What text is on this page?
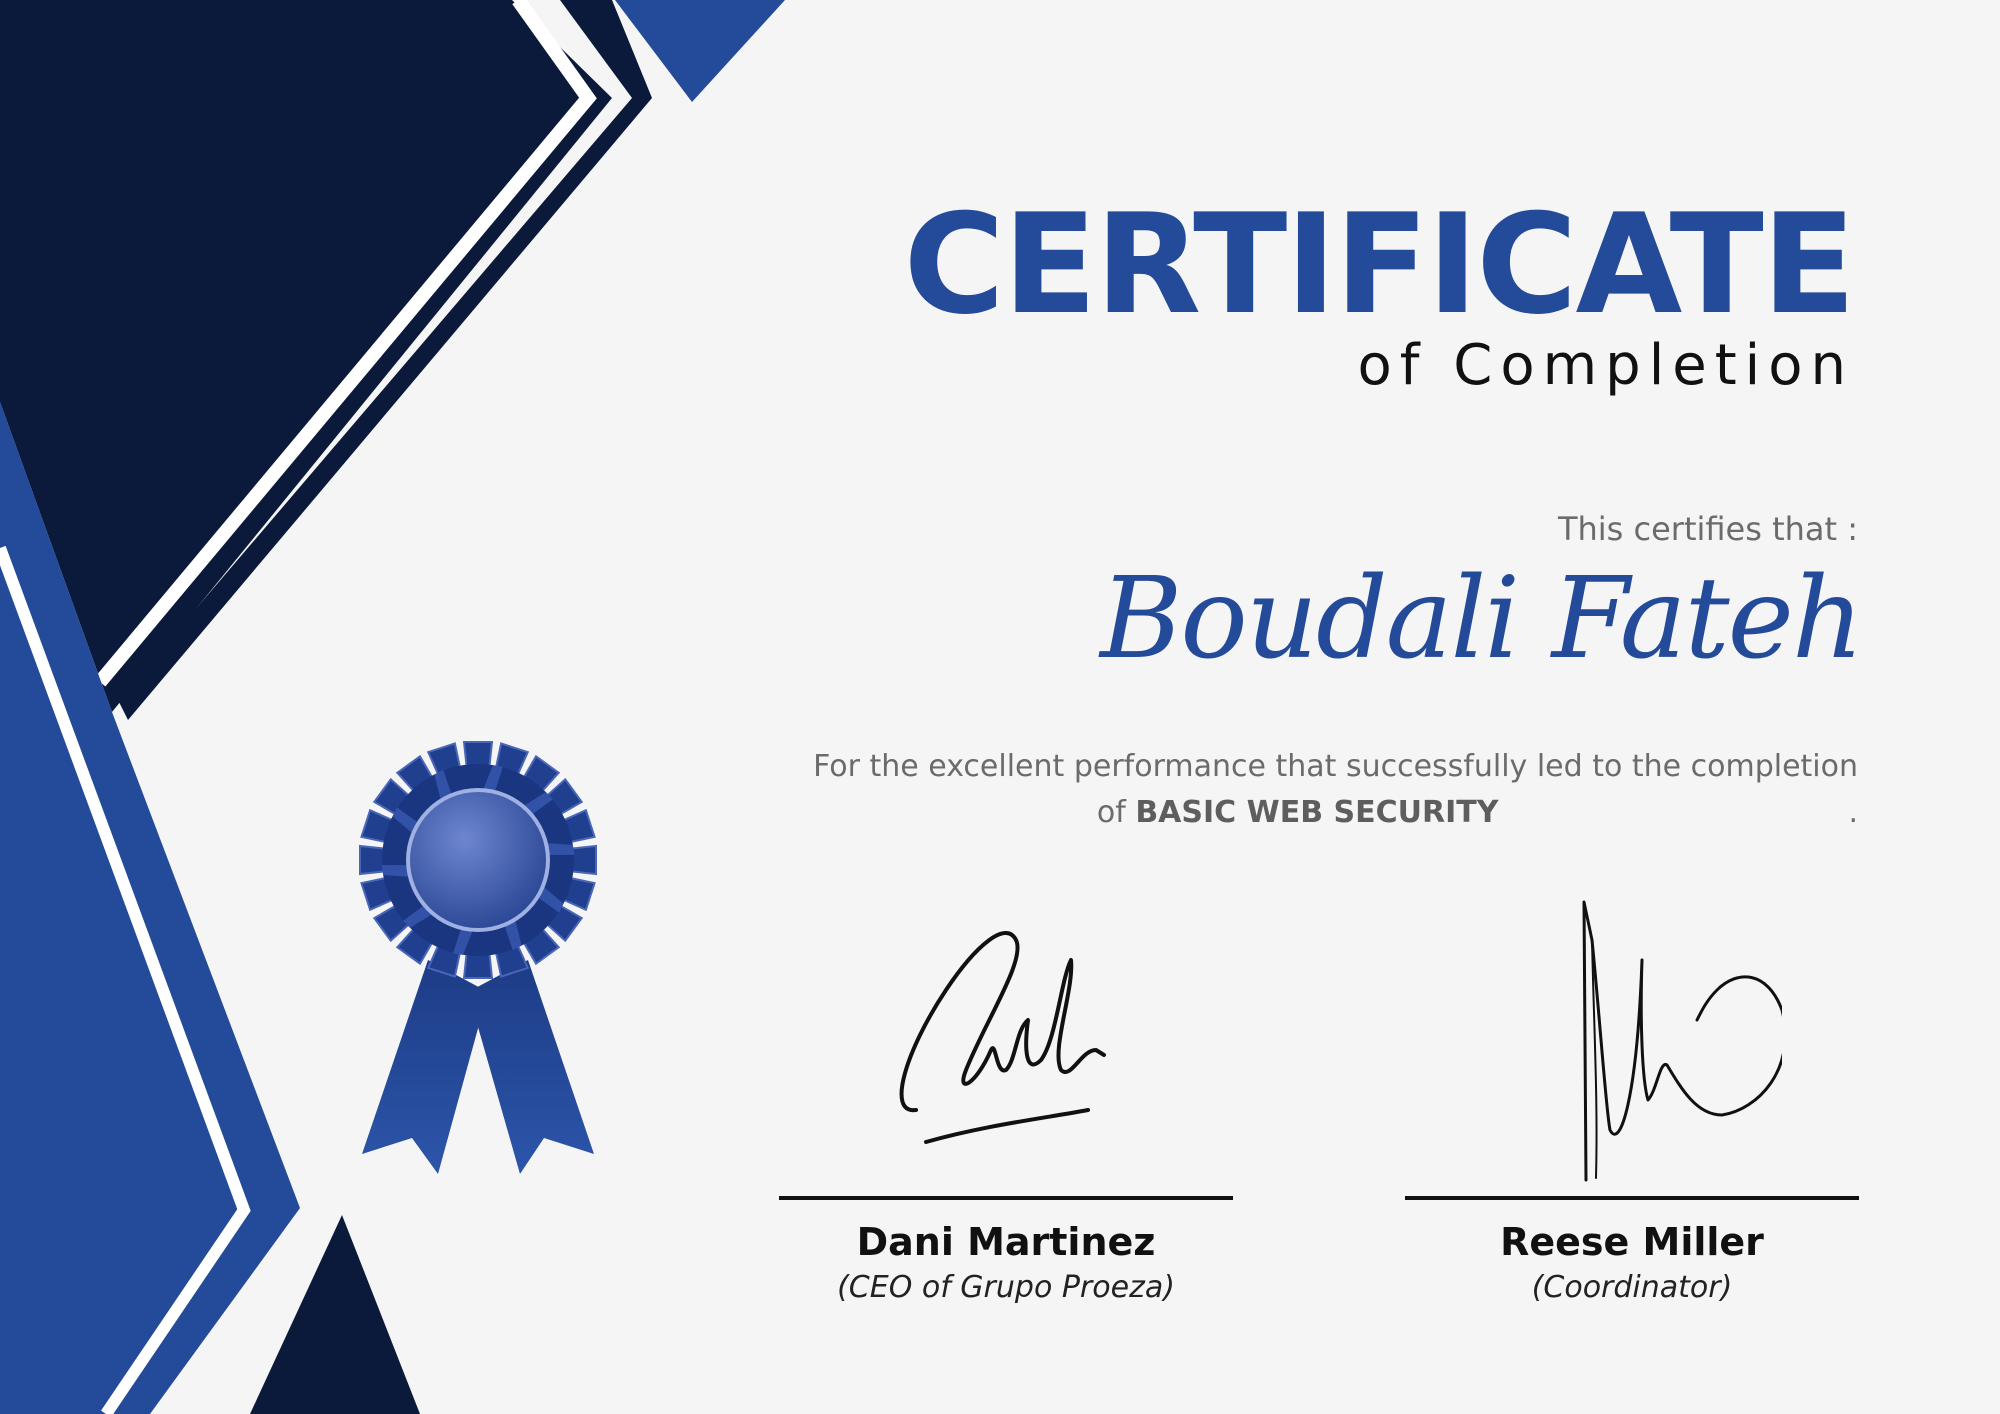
CERTIFICATE
of Completion
This certifies that :
Boudali Fateh
For the excellent performance that successfully led to the completion
of BASIC WEB SECURITY	.
Dani Martinez
(CEO of Grupo Proeza)
Reese Miller
(Coordinator)
